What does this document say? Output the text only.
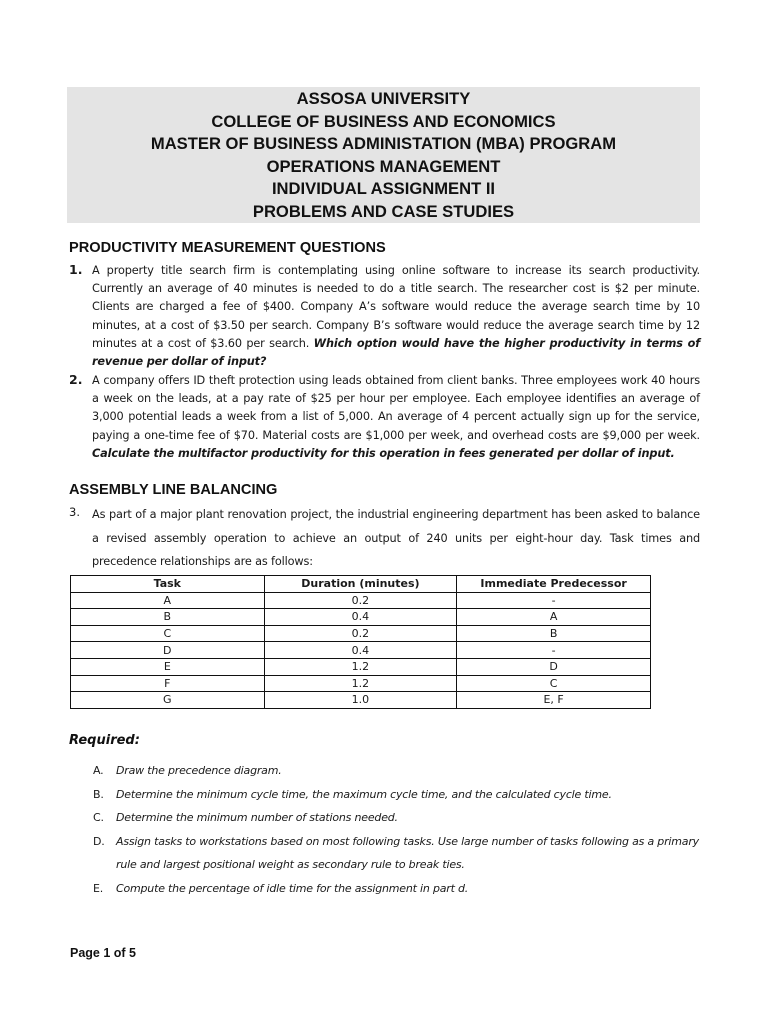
ASSOSA UNIVERSITY
COLLEGE OF BUSINESS AND ECONOMICS
MASTER OF BUSINESS ADMINISTATION (MBA) PROGRAM
OPERATIONS MANAGEMENT
INDIVIDUAL ASSIGNMENT II
PROBLEMS AND CASE STUDIES
PRODUCTIVITY MEASUREMENT QUESTIONS
1. A property title search firm is contemplating using online software to increase its search productivity. Currently an average of 40 minutes is needed to do a title search. The researcher cost is $2 per minute. Clients are charged a fee of $400. Company A’s software would reduce the average search time by 10 minutes, at a cost of $3.50 per search. Company B’s software would reduce the average search time by 12 minutes at a cost of $3.60 per search. Which option would have the higher productivity in terms of revenue per dollar of input?
2. A company offers ID theft protection using leads obtained from client banks. Three employees work 40 hours a week on the leads, at a pay rate of $25 per hour per employee. Each employee identifies an average of 3,000 potential leads a week from a list of 5,000. An average of 4 percent actually sign up for the service, paying a one-time fee of $70. Material costs are $1,000 per week, and overhead costs are $9,000 per week. Calculate the multifactor productivity for this operation in fees generated per dollar of input.
ASSEMBLY LINE BALANCING
3. As part of a major plant renovation project, the industrial engineering department has been asked to balance a revised assembly operation to achieve an output of 240 units per eight-hour day. Task times and precedence relationships are as follows:
Task	Duration (minutes)	Immediate Predecessor
A	0.2	-
B	0.4	A
C	0.2	B
D	0.4	-
E	1.2	D
F	1.2	C
G	1.0	E, F
Required:
A. Draw the precedence diagram.
B. Determine the minimum cycle time, the maximum cycle time, and the calculated cycle time.
C. Determine the minimum number of stations needed.
D. Assign tasks to workstations based on most following tasks. Use large number of tasks following as a primary rule and largest positional weight as secondary rule to break ties.
E. Compute the percentage of idle time for the assignment in part d.
Page 1 of 5
